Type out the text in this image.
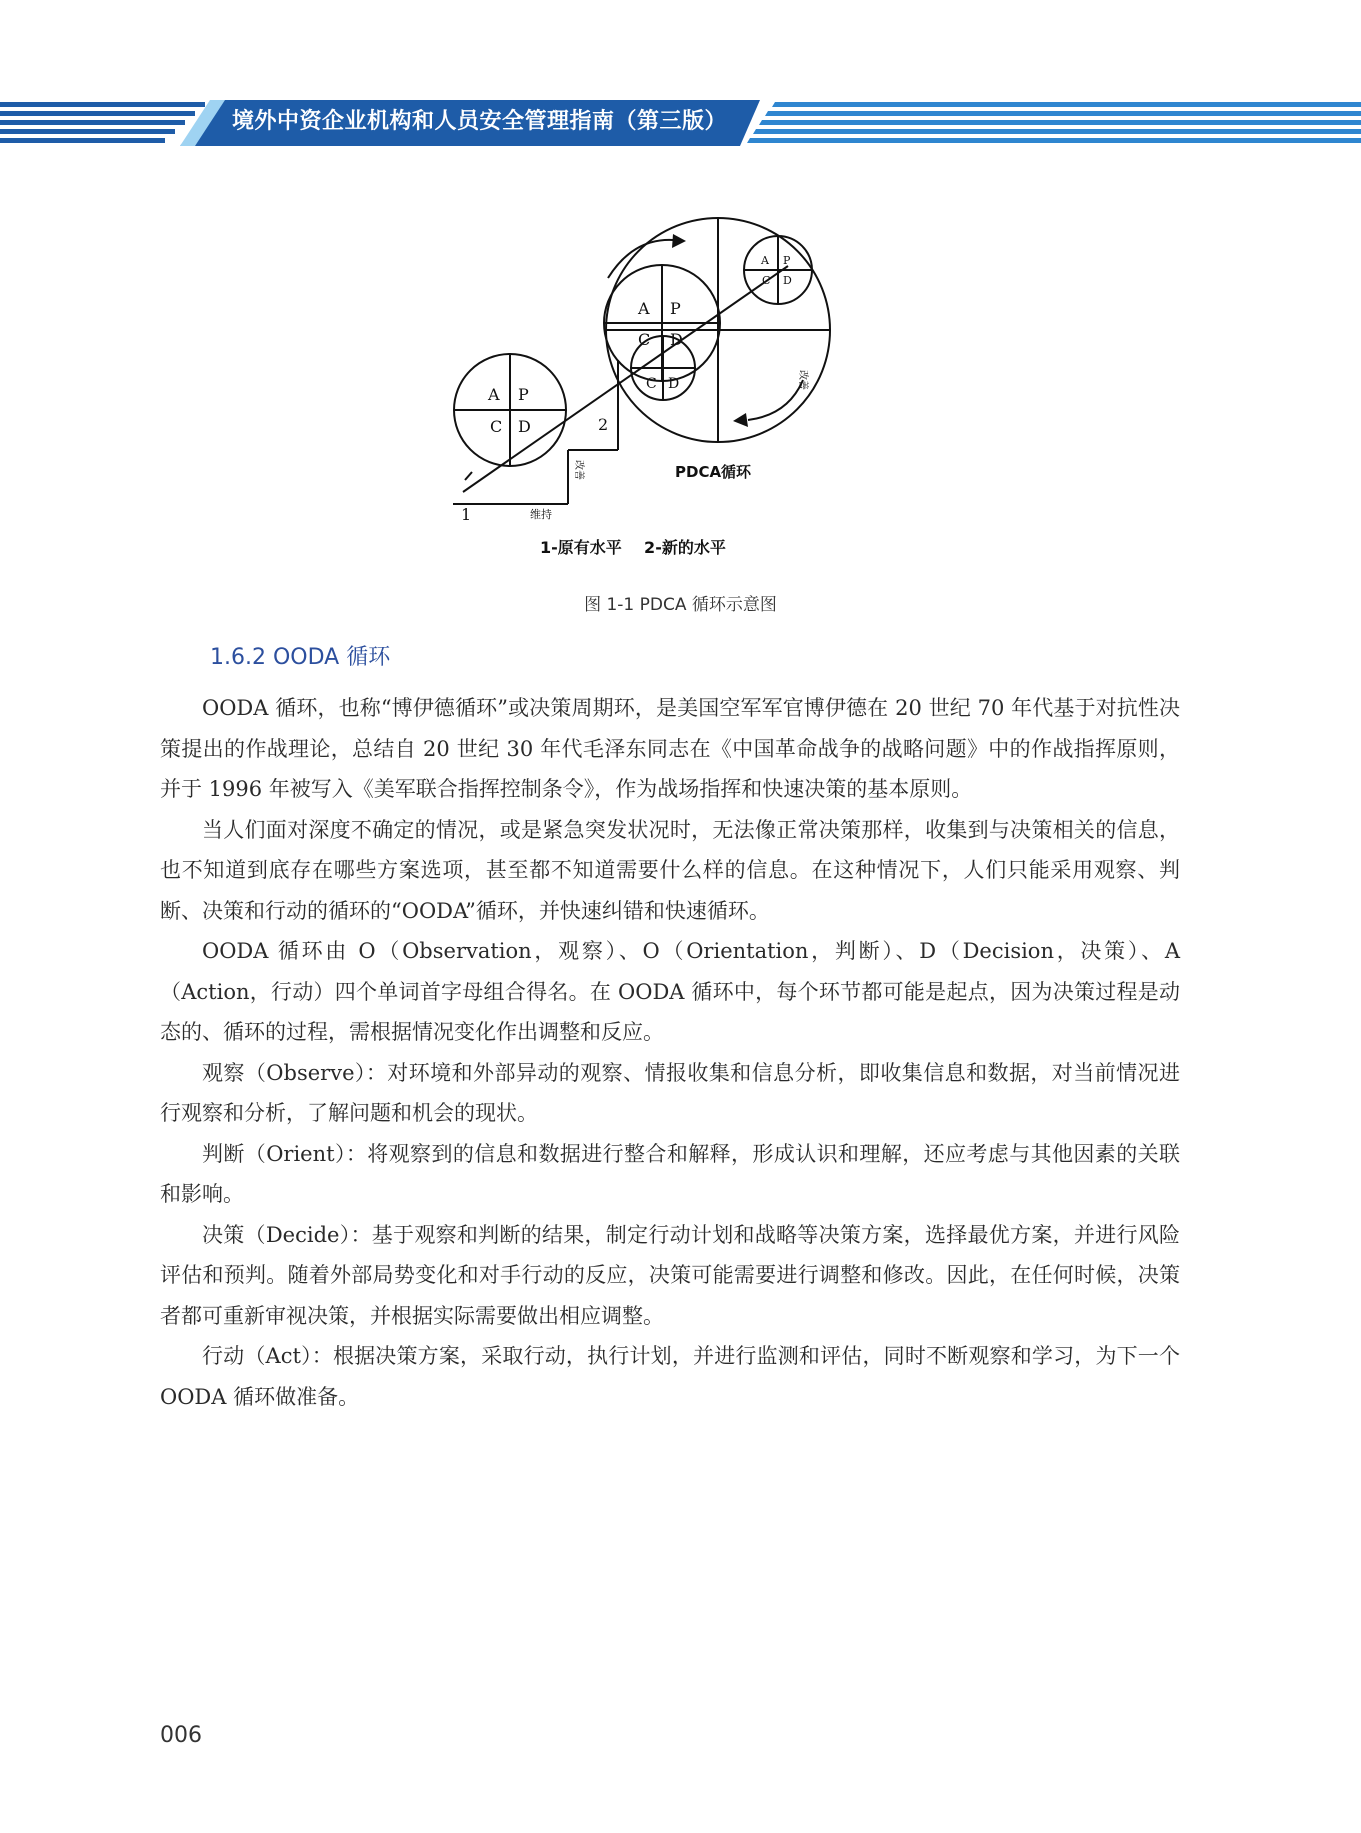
境外中资企业机构和人员安全管理指南（第三版）
A P
C D
A P
C D
A P
C D
C D	改善
改善
维持
1
2
PDCA循环
1-原有水平    2-新的水平
图 1-1 PDCA 循环示意图
1.6.2 OODA 循环

OODA 循环，也称“博伊德循环”或决策周期环，是美国空军军官博伊德在 20 世纪 70 年代基于对抗性决策提出的作战理论，总结自 20 世纪 30 年代毛泽东同志在《中国革命战争的战略问题》中的作战指挥原则，并于 1996 年被写入《美军联合指挥控制条令》，作为战场指挥和快速决策的基本原则。

当人们面对深度不确定的情况，或是紧急突发状况时，无法像正常决策那样，收集到与决策相关的信息，也不知道到底存在哪些方案选项，甚至都不知道需要什么样的信息。在这种情况下，人们只能采用观察、判断、决策和行动的循环的“OODA”循环，并快速纠错和快速循环。

OODA 循环由 O（Observation，观察）、O（Orientation，判断）、D（Decision，决策）、A（Action，行动）四个单词首字母组合得名。在 OODA 循环中，每个环节都可能是起点，因为决策过程是动态的、循环的过程，需根据情况变化作出调整和反应。

观察（Observe）：对环境和外部异动的观察、情报收集和信息分析，即收集信息和数据，对当前情况进行观察和分析，了解问题和机会的现状。

判断（Orient）：将观察到的信息和数据进行整合和解释，形成认识和理解，还应考虑与其他因素的关联和影响。

决策（Decide）：基于观察和判断的结果，制定行动计划和战略等决策方案，选择最优方案，并进行风险评估和预判。随着外部局势变化和对手行动的反应，决策可能需要进行调整和修改。因此，在任何时候，决策者都可重新审视决策，并根据实际需要做出相应调整。

行动（Act）：根据决策方案，采取行动，执行计划，并进行监测和评估，同时不断观察和学习，为下一个 OODA 循环做准备。

006
